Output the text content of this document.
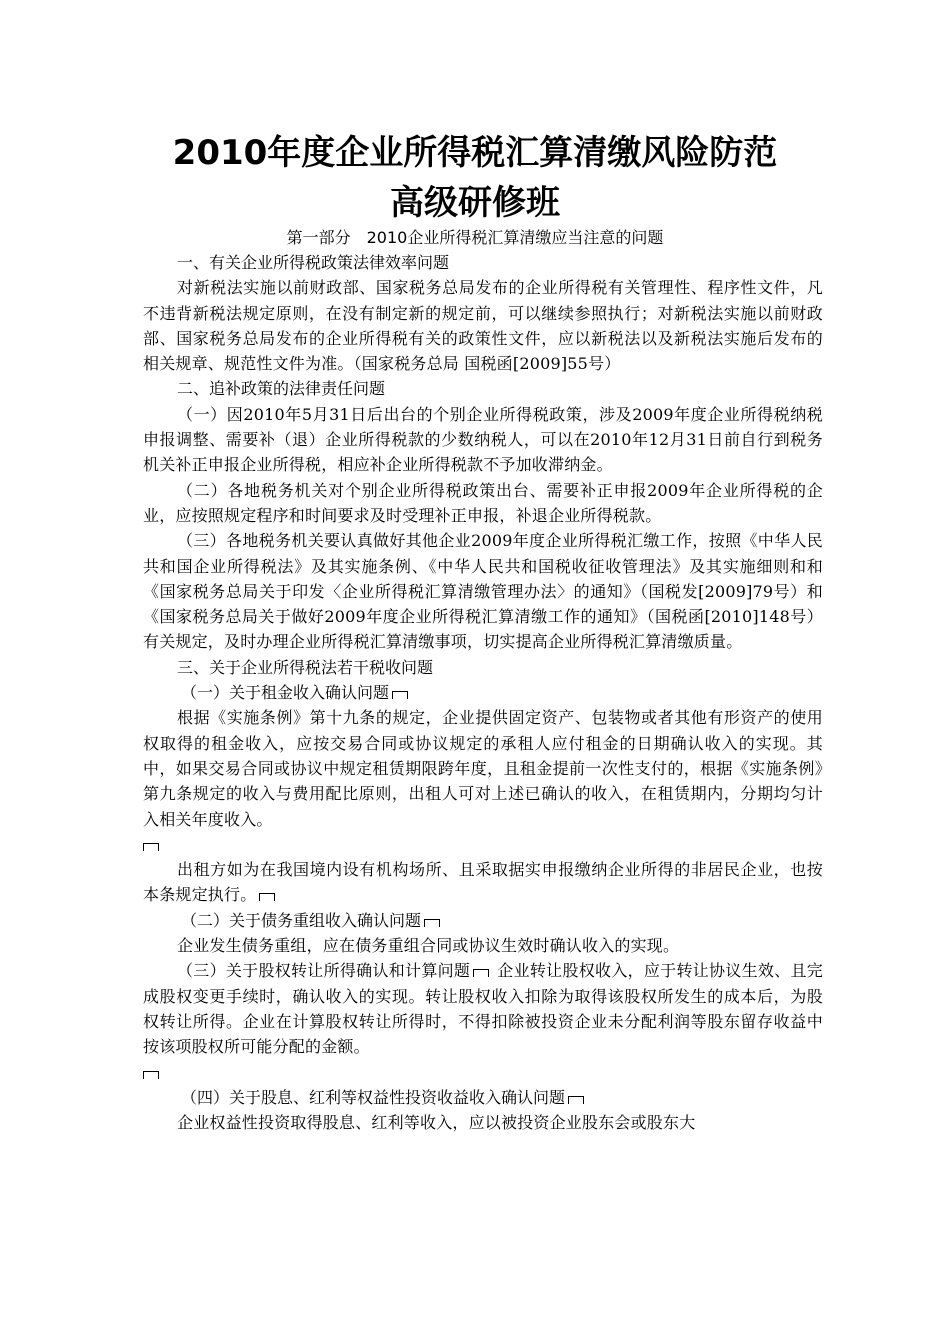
2010年度企业所得税汇算清缴风险防范
高级研修班
第一部分　2010企业所得税汇算清缴应当注意的问题

一、有关企业所得税政策法律效率问题

对新税法实施以前财政部、国家税务总局发布的企业所得税有关管理性、程序性文件，凡不违背新税法规定原则，在没有制定新的规定前，可以继续参照执行；对新税法实施以前财政部、国家税务总局发布的企业所得税有关的政策性文件，应以新税法以及新税法实施后发布的相关规章、规范性文件为准。（国家税务总局 国税函[2009]55号）

二、追补政策的法律责任问题

（一）因2010年5月31日后出台的个别企业所得税政策，涉及2009年度企业所得税纳税申报调整、需要补（退）企业所得税款的少数纳税人，可以在2010年12月31日前自行到税务机关补正申报企业所得税，相应补企业所得税款不予加收滞纳金。

（二）各地税务机关对个别企业所得税政策出台、需要补正申报2009年企业所得税的企业，应按照规定程序和时间要求及时受理补正申报，补退企业所得税款。

（三）各地税务机关要认真做好其他企业2009年度企业所得税汇缴工作，按照《中华人民共和国企业所得税法》及其实施条例、《中华人民共和国税收征收管理法》及其实施细则和和《国家税务总局关于印发〈企业所得税汇算清缴管理办法〉的通知》（国税发[2009]79号）和《国家税务总局关于做好2009年度企业所得税汇算清缴工作的通知》（国税函[2010]148号）有关规定，及时办理企业所得税汇算清缴事项，切实提高企业所得税汇算清缴质量。

三、关于企业所得税法若干税收问题

（一）关于租金收入确认问题

根据《实施条例》第十九条的规定，企业提供固定资产、包装物或者其他有形资产的使用权取得的租金收入，应按交易合同或协议规定的承租人应付租金的日期确认收入的实现。其中，如果交易合同或协议中规定租赁期限跨年度，且租金提前一次性支付的，根据《实施条例》第九条规定的收入与费用配比原则，出租人可对上述已确认的收入，在租赁期内，分期均匀计入相关年度收入。

出租方如为在我国境内设有机构场所、且采取据实申报缴纳企业所得的非居民企业，也按本条规定执行。

（二）关于债务重组收入确认问题

企业发生债务重组，应在债务重组合同或协议生效时确认收入的实现。

（三）关于股权转让所得确认和计算问题 企业转让股权收入，应于转让协议生效、且完成股权变更手续时，确认收入的实现。转让股权收入扣除为取得该股权所发生的成本后，为股权转让所得。企业在计算股权转让所得时，不得扣除被投资企业未分配利润等股东留存收益中按该项股权所可能分配的金额。

（四）关于股息、红利等权益性投资收益收入确认问题

企业权益性投资取得股息、红利等收入，应以被投资企业股东会或股东大
